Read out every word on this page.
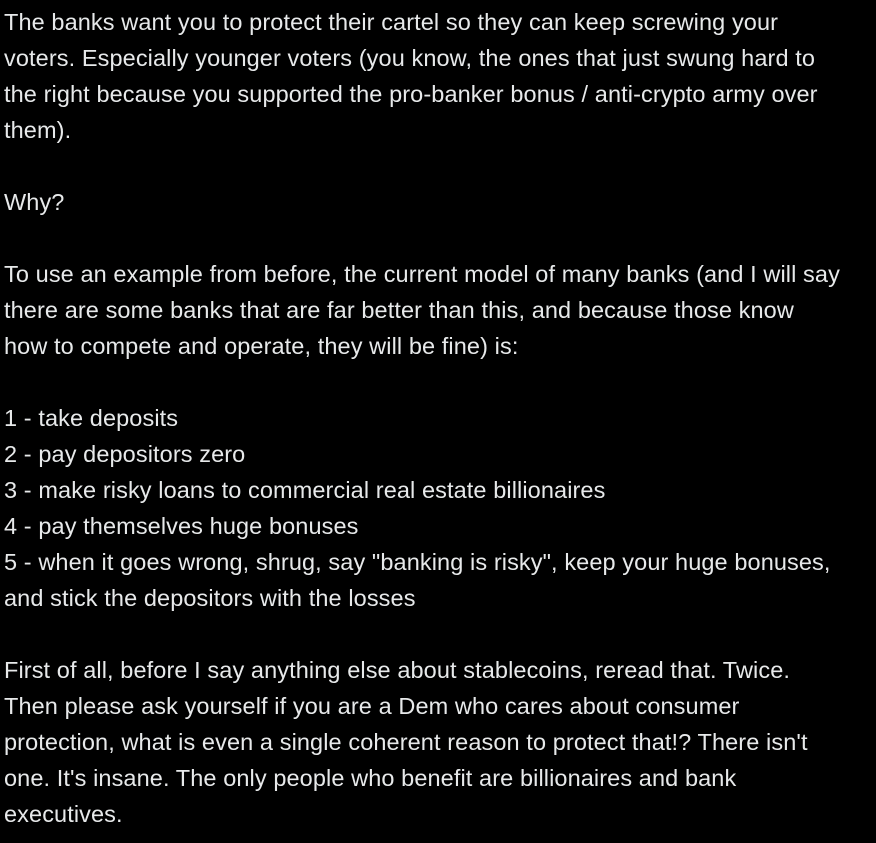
The banks want you to protect their cartel so they can keep screwing your voters. Especially younger voters (you know, the ones that just swung hard to the right because you supported the pro-banker bonus / anti-crypto army over them).

Why?

To use an example from before, the current model of many banks (and I will say there are some banks that are far better than this, and because those know how to compete and operate, they will be fine) is:

1 - take deposits

2 - pay depositors zero

3 - make risky loans to commercial real estate billionaires

4 - pay themselves huge bonuses

5 - when it goes wrong, shrug, say "banking is risky", keep your huge bonuses, and stick the depositors with the losses

First of all, before I say anything else about stablecoins, reread that. Twice. Then please ask yourself if you are a Dem who cares about consumer protection, what is even a single coherent reason to protect that!? There isn't one. It's insane. The only people who benefit are billionaires and bank executives.
